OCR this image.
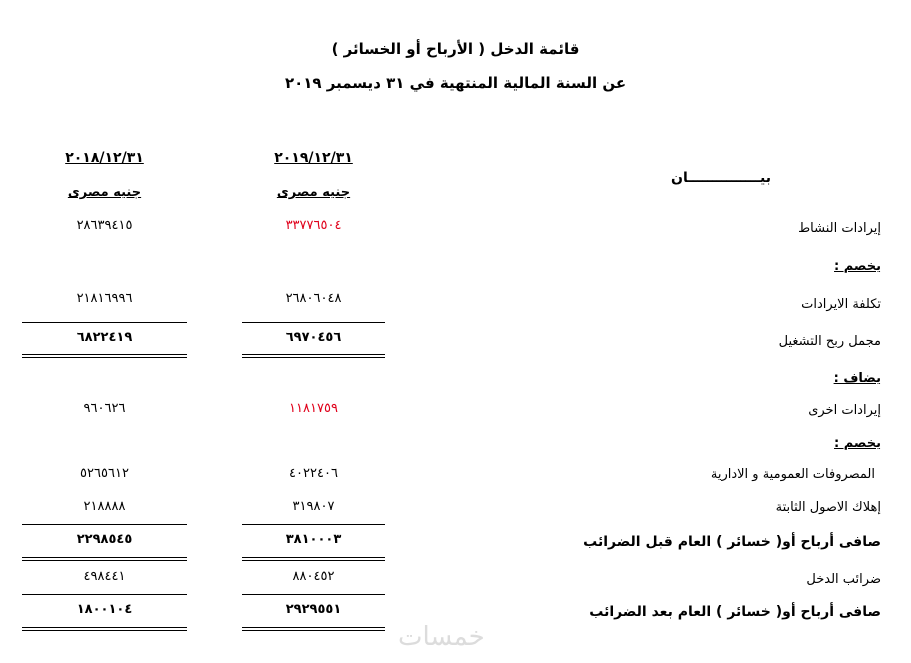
قائمة الدخل ( الأرباح أو الخسائر )
عن السنة المالية المنتهية في ٣١ ديسمبر ٢٠١٩
٢٠١٩/١٢/٣١
٢٠١٨/١٢/٣١
جنيه مصرى
جنيه مصرى
بيـــــــــــــــان
إيرادات النشاط
٣٣٧٧٦٥٠٤
٢٨٦٣٩٤١٥
يخصم :
تكلفة الايرادات
٢٦٨٠٦٠٤٨
٢١٨١٦٩٩٦
مجمل ربح التشغيل
٦٩٧٠٤٥٦
٦٨٢٢٤١٩
يضاف :
إيرادات اخرى
١١٨١٧٥٩
٩٦٠٦٢٦
يخصم :
المصروفات العمومية و الادارية
٤٠٢٢٤٠٦
٥٢٦٥٦١٢
إهلاك الاصول الثابتة
٣١٩٨٠٧
٢١٨٨٨٨
صافى أرباح أو( خسائر ) العام قبل الضرائب
٣٨١٠٠٠٣
٢٢٩٨٥٤٥
ضرائب الدخل
٨٨٠٤٥٢
٤٩٨٤٤١
صافى أرباح أو( خسائر ) العام بعد الضرائب
٢٩٢٩٥٥١
١٨٠٠١٠٤
خمسات
